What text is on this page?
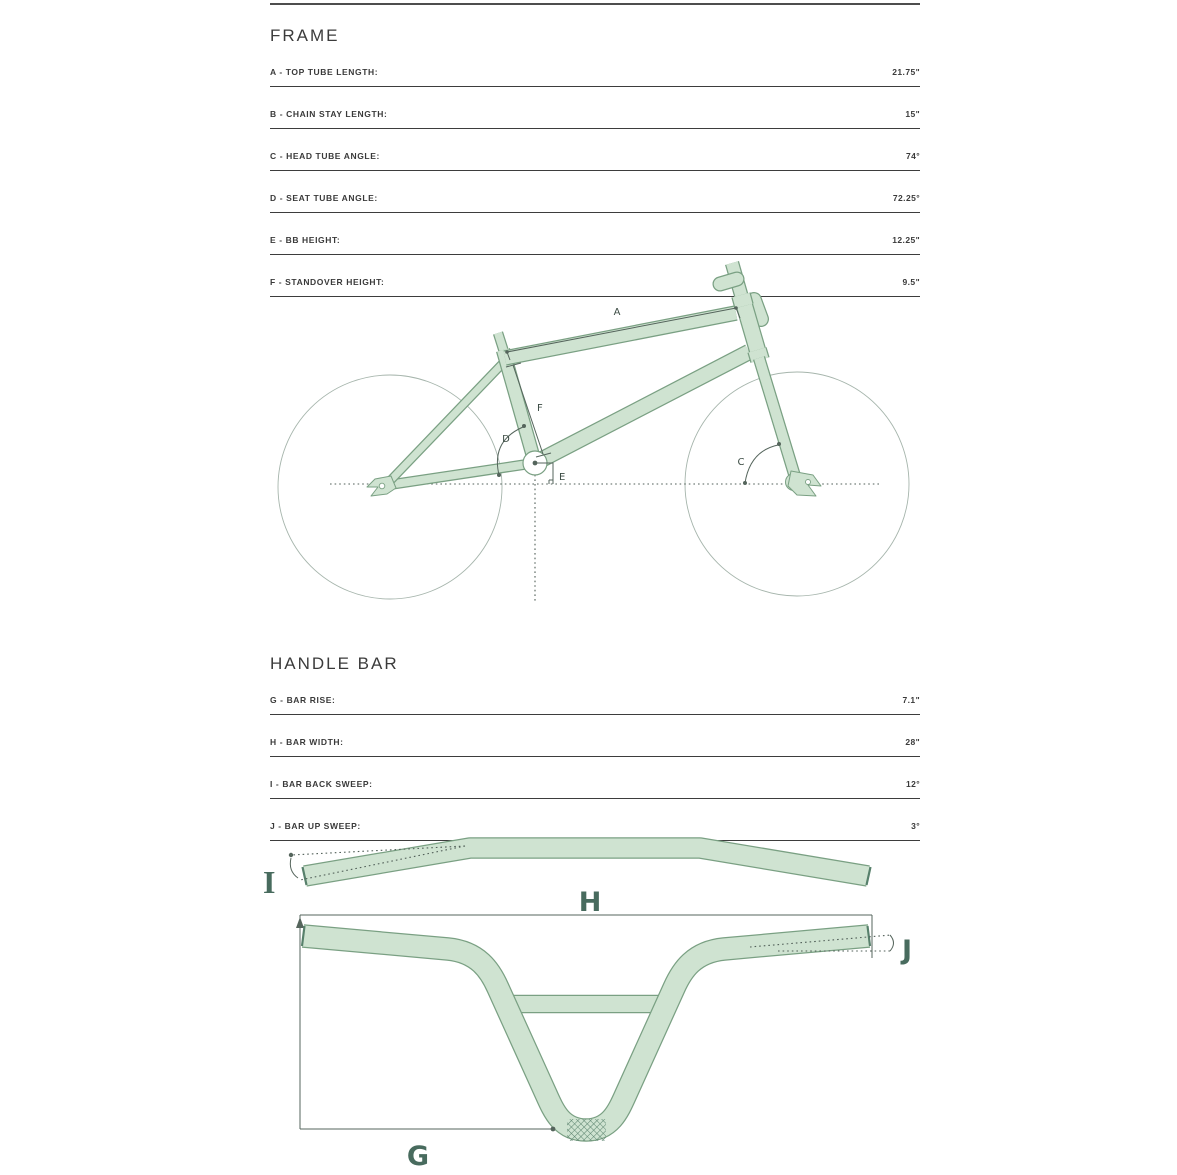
FRAME
A - TOP TUBE LENGTH:	21.75"
B - CHAIN STAY LENGTH:	15"
C - HEAD TUBE ANGLE:	74°
D - SEAT TUBE ANGLE:	72.25°
E - BB HEIGHT:	12.25"
F - STANDOVER HEIGHT:	9.5"
A
F
D
E
C
HANDLE BAR
G - BAR RISE:	7.1"
H - BAR WIDTH:	28"
I - BAR BACK SWEEP:	12°
J - BAR UP SWEEP:	3°
I
H
G
J
